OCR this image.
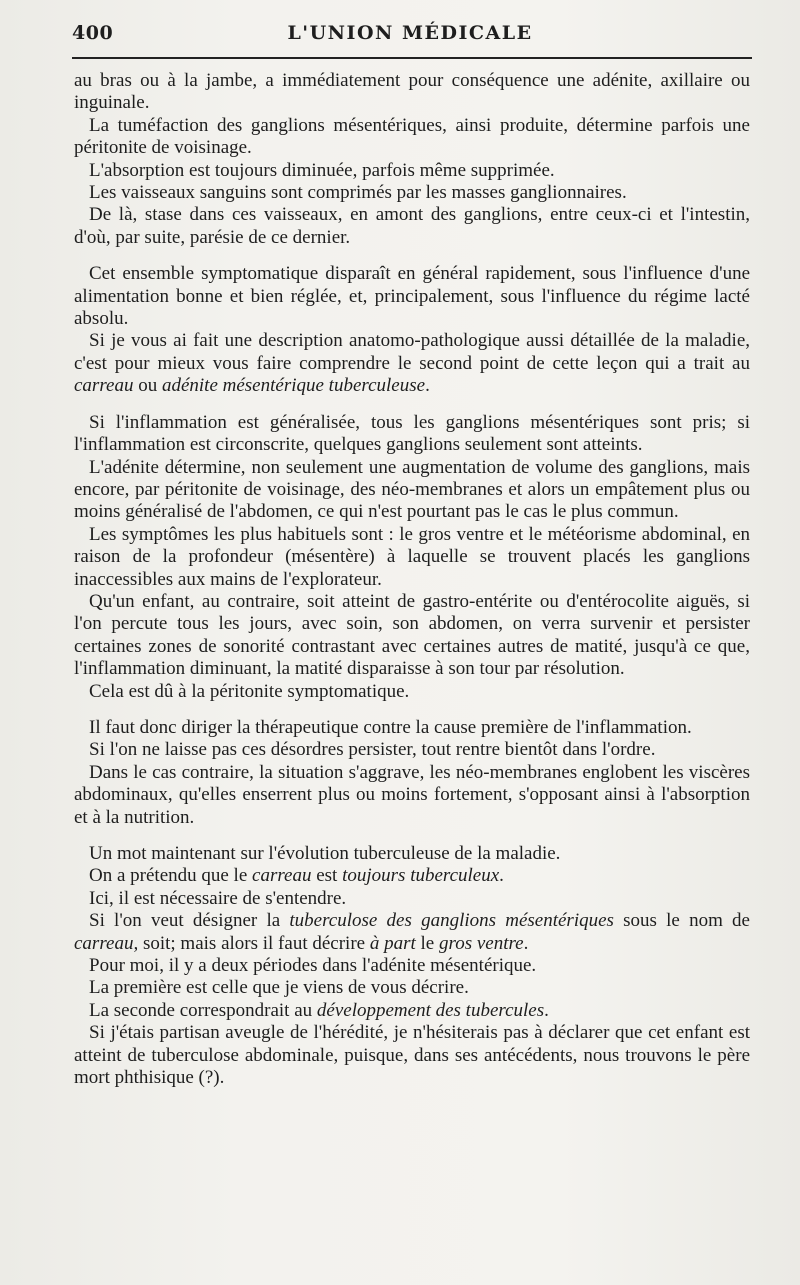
400	L'UNION MÉDICALE

au bras ou à la jambe, a immédiatement pour conséquence une adénite, axillaire ou inguinale.

La tuméfaction des ganglions mésentériques, ainsi produite, détermine parfois une péritonite de voisinage.

L'absorption est toujours diminuée, parfois même supprimée.

Les vaisseaux sanguins sont comprimés par les masses ganglionnaires.

De là, stase dans ces vaisseaux, en amont des ganglions, entre ceux-ci et l'intestin, d'où, par suite, parésie de ce dernier.

Cet ensemble symptomatique disparaît en général rapidement, sous l'influence d'une alimentation bonne et bien réglée, et, principalement, sous l'influence du régime lacté absolu.

Si je vous ai fait une description anatomo-pathologique aussi détaillée de la maladie, c'est pour mieux vous faire comprendre le second point de cette leçon qui a trait au carreau ou adénite mésentérique tuberculeuse.

Si l'inflammation est généralisée, tous les ganglions mésentériques sont pris; si l'inflammation est circonscrite, quelques ganglions seulement sont atteints.

L'adénite détermine, non seulement une augmentation de volume des ganglions, mais encore, par péritonite de voisinage, des néo-membranes et alors un empâtement plus ou moins généralisé de l'abdomen, ce qui n'est pourtant pas le cas le plus commun.

Les symptômes les plus habituels sont : le gros ventre et le météorisme abdominal, en raison de la profondeur (mésentère) à laquelle se trouvent placés les ganglions inaccessibles aux mains de l'explorateur.

Qu'un enfant, au contraire, soit atteint de gastro-entérite ou d'entérocolite aiguës, si l'on percute tous les jours, avec soin, son abdomen, on verra survenir et persister certaines zones de sonorité contrastant avec certaines autres de matité, jusqu'à ce que, l'inflammation diminuant, la matité disparaisse à son tour par résolution.

Cela est dû à la péritonite symptomatique.

Il faut donc diriger la thérapeutique contre la cause première de l'inflammation.

Si l'on ne laisse pas ces désordres persister, tout rentre bientôt dans l'ordre.

Dans le cas contraire, la situation s'aggrave, les néo-membranes englobent les viscères abdominaux, qu'elles enserrent plus ou moins fortement, s'opposant ainsi à l'absorption et à la nutrition.

Un mot maintenant sur l'évolution tuberculeuse de la maladie.

On a prétendu que le carreau est toujours tuberculeux.

Ici, il est nécessaire de s'entendre.

Si l'on veut désigner la tuberculose des ganglions mésentériques sous le nom de carreau, soit; mais alors il faut décrire à part le gros ventre.

Pour moi, il y a deux périodes dans l'adénite mésentérique.

La première est celle que je viens de vous décrire.

La seconde correspondrait au développement des tubercules.

Si j'étais partisan aveugle de l'hérédité, je n'hésiterais pas à déclarer que cet enfant est atteint de tuberculose abdominale, puisque, dans ses antécédents, nous trouvons le père mort phthisique (?).
